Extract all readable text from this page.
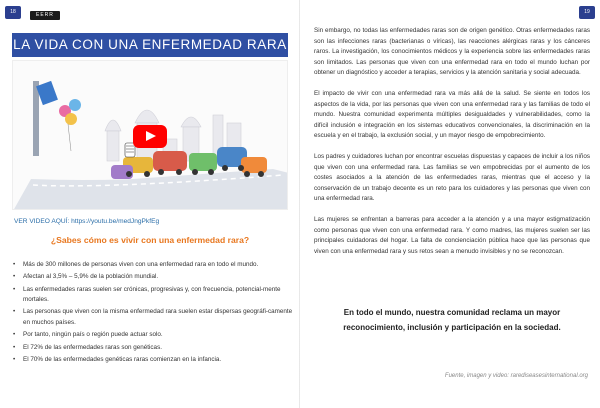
18	EERR
LA VIDA CON UNA ENFERMEDAD RARA
VER VIDEO AQUÍ: https://youtu.be/medJngPkfEg
¿Sabes cómo es vivir con una enfermedad rara?
• Más de 300 millones de personas viven con una enfermedad rara en todo el mundo.
• Afectan al 3,5% – 5,9% de la población mundial.
• Las enfermedades raras suelen ser crónicas, progresivas y, con frecuencia, potencial-mente mortales.
• Las personas que viven con la misma enfermedad rara suelen estar dispersas geográfi-camente en muchos países.
• Por tanto, ningún país o región puede actuar solo.
• El 72% de las enfermedades raras son genéticas.
• El 70% de las enfermedades genéticas raras comienzan en la infancia.
19

Sin embargo, no todas las enfermedades raras son de origen genético. Otras enfermedades raras son las infecciones raras (bacterianas o víricas), las reacciones alérgicas raras y los cánceres raros. La investigación, los conocimientos médicos y la experiencia sobre las enfermedades raras son limitados. Las personas que viven con una enfermedad rara en todo el mundo luchan por obtener un diagnóstico y acceder a terapias, servicios y la atención sanitaria y social adecuada.

El impacto de vivir con una enfermedad rara va más allá de la salud. Se siente en todos los aspectos de la vida, por las personas que viven con una enfermedad rara y las familias de todo el mundo. Nuestra comunidad experimenta múltiples desigualdades y vulnerabilidades, como la difícil inclusión e integración en los sistemas educativos convencionales, la discriminación en la escuela y en el trabajo, la exclusión social, y un mayor riesgo de empobrecimiento.

Los padres y cuidadores luchan por encontrar escuelas dispuestas y capaces de incluir a los niños que viven con una enfermedad rara. Las familias se ven empobrecidas por el aumento de los costes asociados a la atención de las enfermedades raras, mientras que el acceso y la conservación de un trabajo decente es un reto para los cuidadores y las personas que viven con una enfermedad rara.

Las mujeres se enfrentan a barreras para acceder a la atención y a una mayor estigmatización como personas que viven con una enfermedad rara. Y como madres, las mujeres suelen ser las principales cuidadoras del hogar. La falta de concienciación pública hace que las personas que viven con una enfermedad rara y sus retos sean a menudo invisibles y no se reconozcan.

En todo el mundo, nuestra comunidad reclama un mayor reconocimiento, inclusión y participación en la sociedad.
Fuente, imagen y video: rarediseasesinternational.org
